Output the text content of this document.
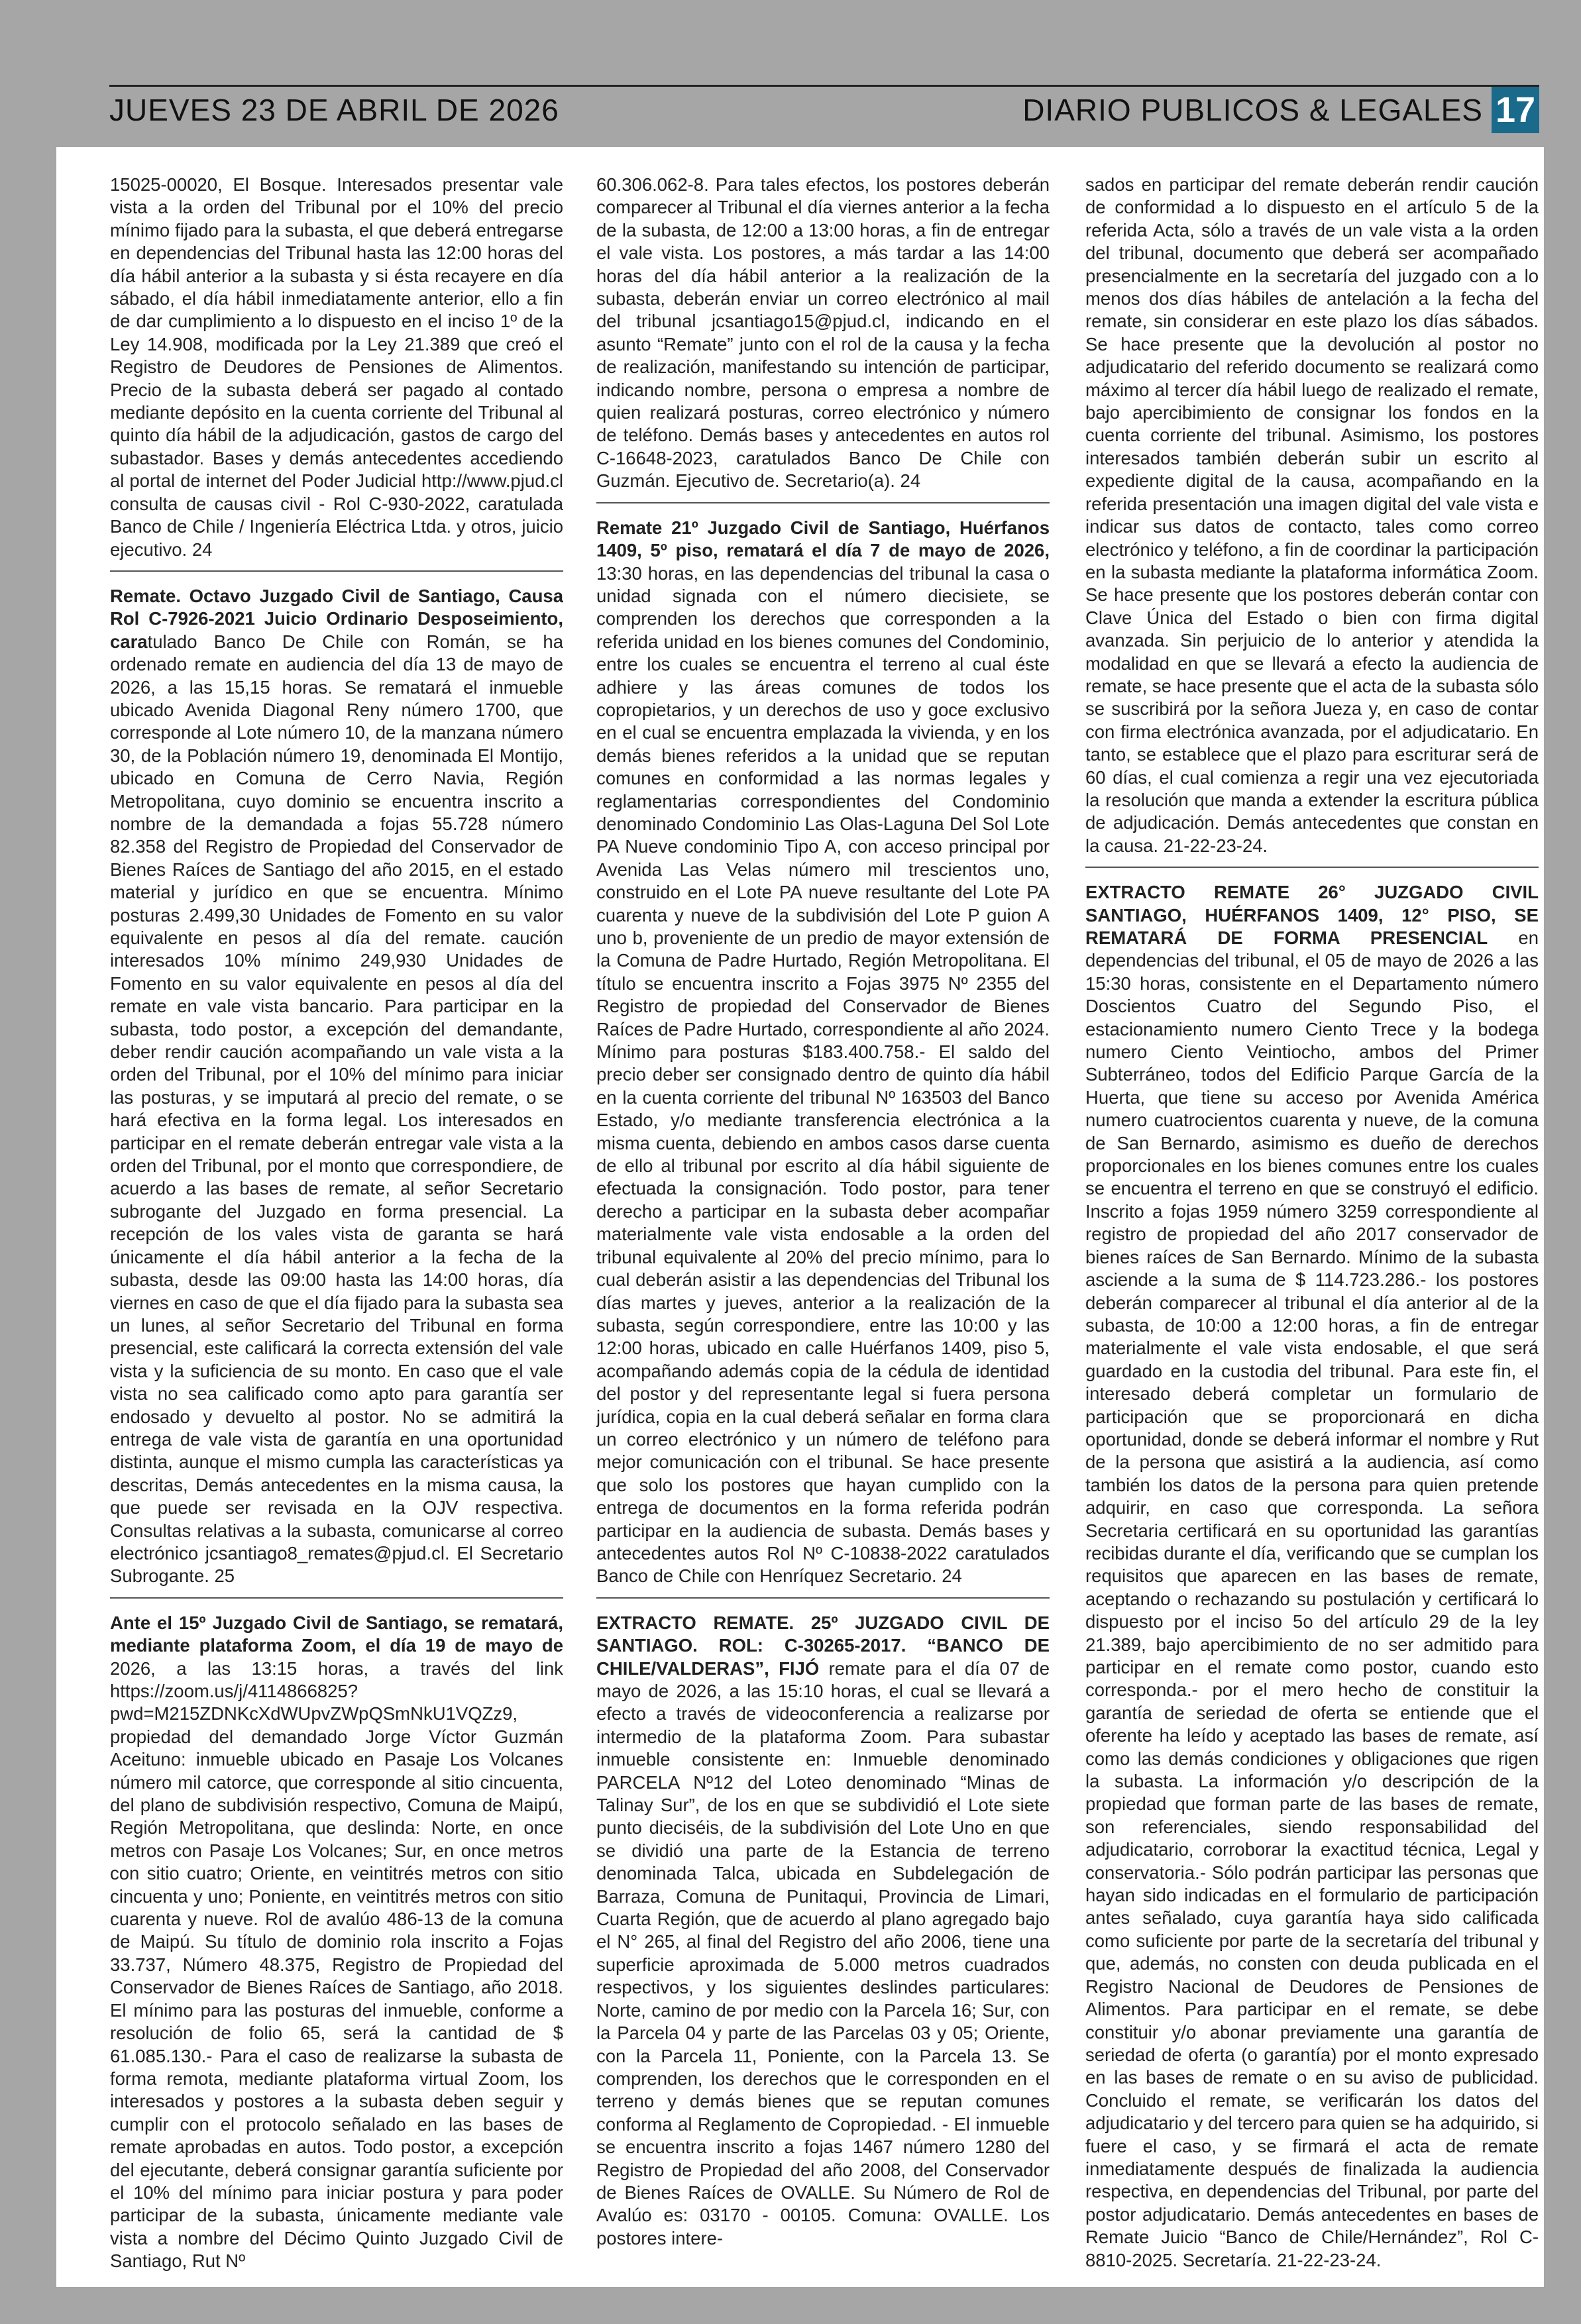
JUEVES 23 DE ABRIL DE 2026	DIARIO PUBLICOS & LEGALES 17

15025-00020, El Bosque. Interesados presentar vale vista a la orden del Tribunal por el 10% del precio mínimo fijado para la subasta, el que deberá entregarse en dependencias del Tribunal hasta las 12:00 horas del día hábil anterior a la subasta y si ésta recayere en día sábado, el día hábil inmediatamente anterior, ello a fin de dar cumplimiento a lo dispuesto en el inciso 1º de la Ley 14.908, modificada por la Ley 21.389 que creó el Registro de Deudores de Pensiones de Alimentos. Precio de la subasta deberá ser pagado al contado mediante depósito en la cuenta corriente del Tribunal al quinto día hábil de la adjudicación, gastos de cargo del subastador. Bases y demás antecedentes accediendo al portal de internet del Poder Judicial http://www.pjud.cl consulta de causas civil - Rol C-930-2022, caratulada Banco de Chile / Ingeniería Eléctrica Ltda. y otros, juicio ejecutivo. 24

Remate. Octavo Juzgado Civil de Santiago, Causa Rol C-7926-2021 Juicio Ordinario Desposeimiento, caratulado Banco De Chile con Román, se ha ordenado remate en audiencia del día 13 de mayo de 2026, a las 15,15 horas. Se rematará el inmueble ubicado Avenida Diagonal Reny número 1700, que corresponde al Lote número 10, de la manzana número 30, de la Población número 19, denominada El Montijo, ubicado en Comuna de Cerro Navia, Región Metropolitana, cuyo dominio se encuentra inscrito a nombre de la demandada a fojas 55.728 número 82.358 del Registro de Propiedad del Conservador de Bienes Raíces de Santiago del año 2015, en el estado material y jurídico en que se encuentra. Mínimo posturas 2.499,30 Unidades de Fomento en su valor equivalente en pesos al día del remate. caución interesados 10% mínimo 249,930 Unidades de Fomento en su valor equivalente en pesos al día del remate en vale vista bancario. Para participar en la subasta, todo postor, a excepción del demandante, deber rendir caución acompañando un vale vista a la orden del Tribunal, por el 10% del mínimo para iniciar las posturas, y se imputará al precio del remate, o se hará efectiva en la forma legal. Los interesados en participar en el remate deberán entregar vale vista a la orden del Tribunal, por el monto que correspondiere, de acuerdo a las bases de remate, al señor Secretario subrogante del Juzgado en forma presencial. La recepción de los vales vista de garanta se hará únicamente el día hábil anterior a la fecha de la subasta, desde las 09:00 hasta las 14:00 horas, día viernes en caso de que el día fijado para la subasta sea un lunes, al señor Secretario del Tribunal en forma presencial, este calificará la correcta extensión del vale vista y la suficiencia de su monto. En caso que el vale vista no sea calificado como apto para garantía ser endosado y devuelto al postor. No se admitirá la entrega de vale vista de garantía en una oportunidad distinta, aunque el mismo cumpla las características ya descritas, Demás antecedentes en la misma causa, la que puede ser revisada en la OJV respectiva. Consultas relativas a la subasta, comunicarse al correo electrónico jcsantiago8_remates@pjud.cl. El Secretario Subrogante. 25

Ante el 15º Juzgado Civil de Santiago, se rematará, mediante plataforma Zoom, el día 19 de mayo de 2026, a las 13:15 horas, a través del link https://zoom.us/j/4114866825?pwd=M215ZDNKcXdWUpvZWpQSmNkU1VQZz9, propiedad del demandado Jorge Víctor Guzmán Aceituno: inmueble ubicado en Pasaje Los Volcanes número mil catorce, que corresponde al sitio cincuenta, del plano de subdivisión respectivo, Comuna de Maipú, Región Metropolitana, que deslinda: Norte, en once metros con Pasaje Los Volcanes; Sur, en once metros con sitio cuatro; Oriente, en veintitrés metros con sitio cincuenta y uno; Poniente, en veintitrés metros con sitio cuarenta y nueve. Rol de avalúo 486-13 de la comuna de Maipú. Su título de dominio rola inscrito a Fojas 33.737, Número 48.375, Registro de Propiedad del Conservador de Bienes Raíces de Santiago, año 2018. El mínimo para las posturas del inmueble, conforme a resolución de folio 65, será la cantidad de $ 61.085.130.- Para el caso de realizarse la subasta de forma remota, mediante plataforma virtual Zoom, los interesados y postores a la subasta deben seguir y cumplir con el protocolo señalado en las bases de remate aprobadas en autos. Todo postor, a excepción del ejecutante, deberá consignar garantía suficiente por el 10% del mínimo para iniciar postura y para poder participar de la subasta, únicamente mediante vale vista a nombre del Décimo Quinto Juzgado Civil de Santiago, Rut Nº

60.306.062-8. Para tales efectos, los postores deberán comparecer al Tribunal el día viernes anterior a la fecha de la subasta, de 12:00 a 13:00 horas, a fin de entregar el vale vista. Los postores, a más tardar a las 14:00 horas del día hábil anterior a la realización de la subasta, deberán enviar un correo electrónico al mail del tribunal jcsantiago15@pjud.cl, indicando en el asunto “Remate” junto con el rol de la causa y la fecha de realización, manifestando su intención de participar, indicando nombre, persona o empresa a nombre de quien realizará posturas, correo electrónico y número de teléfono. Demás bases y antecedentes en autos rol C-16648-2023, caratulados Banco De Chile con Guzmán. Ejecutivo de. Secretario(a). 24

Remate 21º Juzgado Civil de Santiago, Huérfanos 1409, 5º piso, rematará el día 7 de mayo de 2026, 13:30 horas, en las dependencias del tribunal la casa o unidad signada con el número diecisiete, se comprenden los derechos que corresponden a la referida unidad en los bienes comunes del Condominio, entre los cuales se encuentra el terreno al cual éste adhiere y las áreas comunes de todos los copropietarios, y un derechos de uso y goce exclusivo en el cual se encuentra emplazada la vivienda, y en los demás bienes referidos a la unidad que se reputan comunes en conformidad a las normas legales y reglamentarias correspondientes del Condominio denominado Condominio Las Olas-Laguna Del Sol Lote PA Nueve condominio Tipo A, con acceso principal por Avenida Las Velas número mil trescientos uno, construido en el Lote PA nueve resultante del Lote PA cuarenta y nueve de la subdivisión del Lote P guion A uno b, proveniente de un predio de mayor extensión de la Comuna de Padre Hurtado, Región Metropolitana. El título se encuentra inscrito a Fojas 3975 Nº 2355 del Registro de propiedad del Conservador de Bienes Raíces de Padre Hurtado, correspondiente al año 2024. Mínimo para posturas $183.400.758.- El saldo del precio deber ser consignado dentro de quinto día hábil en la cuenta corriente del tribunal Nº 163503 del Banco Estado, y/o mediante transferencia electrónica a la misma cuenta, debiendo en ambos casos darse cuenta de ello al tribunal por escrito al día hábil siguiente de efectuada la consignación. Todo postor, para tener derecho a participar en la subasta deber acompañar materialmente vale vista endosable a la orden del tribunal equivalente al 20% del precio mínimo, para lo cual deberán asistir a las dependencias del Tribunal los días martes y jueves, anterior a la realización de la subasta, según correspondiere, entre las 10:00 y las 12:00 horas, ubicado en calle Huérfanos 1409, piso 5, acompañando además copia de la cédula de identidad del postor y del representante legal si fuera persona jurídica, copia en la cual deberá señalar en forma clara un correo electrónico y un número de teléfono para mejor comunicación con el tribunal. Se hace presente que solo los postores que hayan cumplido con la entrega de documentos en la forma referida podrán participar en la audiencia de subasta. Demás bases y antecedentes autos Rol Nº C-10838-2022 caratulados Banco de Chile con Henríquez Secretario. 24

EXTRACTO REMATE. 25º JUZGADO CIVIL DE SANTIAGO. ROL: C-30265-2017. “BANCO DE CHILE/VALDERAS”, FIJÓ remate para el día 07 de mayo de 2026, a las 15:10 horas, el cual se llevará a efecto a través de videoconferencia a realizarse por intermedio de la plataforma Zoom. Para subastar inmueble consistente en: Inmueble denominado PARCELA Nº12 del Loteo denominado “Minas de Talinay Sur”, de los en que se subdividió el Lote siete punto dieciséis, de la subdivisión del Lote Uno en que se dividió una parte de la Estancia de terreno denominada Talca, ubicada en Subdelegación de Barraza, Comuna de Punitaqui, Provincia de Limari, Cuarta Región, que de acuerdo al plano agregado bajo el N° 265, al final del Registro del año 2006, tiene una superficie aproximada de 5.000 metros cuadrados respectivos, y los siguientes deslindes particulares: Norte, camino de por medio con la Parcela 16; Sur, con la Parcela 04 y parte de las Parcelas 03 y 05; Oriente, con la Parcela 11, Poniente, con la Parcela 13. Se comprenden, los derechos que le corresponden en el terreno y demás bienes que se reputan comunes conforma al Reglamento de Copropiedad. - El inmueble se encuentra inscrito a fojas 1467 número 1280 del Registro de Propiedad del año 2008, del Conservador de Bienes Raíces de OVALLE. Su Número de Rol de Avalúo es: 03170 - 00105. Comuna: OVALLE. Los postores intere-

sados en participar del remate deberán rendir caución de conformidad a lo dispuesto en el artículo 5 de la referida Acta, sólo a través de un vale vista a la orden del tribunal, documento que deberá ser acompañado presencialmente en la secretaría del juzgado con a lo menos dos días hábiles de antelación a la fecha del remate, sin considerar en este plazo los días sábados. Se hace presente que la devolución al postor no adjudicatario del referido documento se realizará como máximo al tercer día hábil luego de realizado el remate, bajo apercibimiento de consignar los fondos en la cuenta corriente del tribunal. Asimismo, los postores interesados también deberán subir un escrito al expediente digital de la causa, acompañando en la referida presentación una imagen digital del vale vista e indicar sus datos de contacto, tales como correo electrónico y teléfono, a fin de coordinar la participación en la subasta mediante la plataforma informática Zoom. Se hace presente que los postores deberán contar con Clave Única del Estado o bien con firma digital avanzada. Sin perjuicio de lo anterior y atendida la modalidad en que se llevará a efecto la audiencia de remate, se hace presente que el acta de la subasta sólo se suscribirá por la señora Jueza y, en caso de contar con firma electrónica avanzada, por el adjudicatario. En tanto, se establece que el plazo para escriturar será de 60 días, el cual comienza a regir una vez ejecutoriada la resolución que manda a extender la escritura pública de adjudicación. Demás antecedentes que constan en la causa. 21-22-23-24.

EXTRACTO REMATE 26° JUZGADO CIVIL SANTIAGO, HUÉRFANOS 1409, 12° PISO, SE REMATARÁ DE FORMA PRESENCIAL en dependencias del tribunal, el 05 de mayo de 2026 a las 15:30 horas, consistente en el Departamento número Doscientos Cuatro del Segundo Piso, el estacionamiento numero Ciento Trece y la bodega numero Ciento Veintiocho, ambos del Primer Subterráneo, todos del Edificio Parque García de la Huerta, que tiene su acceso por Avenida América numero cuatrocientos cuarenta y nueve, de la comuna de San Bernardo, asimismo es dueño de derechos proporcionales en los bienes comunes entre los cuales se encuentra el terreno en que se construyó el edificio. Inscrito a fojas 1959 número 3259 correspondiente al registro de propiedad del año 2017 conservador de bienes raíces de San Bernardo. Mínimo de la subasta asciende a la suma de $ 114.723.286.- los postores deberán comparecer al tribunal el día anterior al de la subasta, de 10:00 a 12:00 horas, a fin de entregar materialmente el vale vista endosable, el que será guardado en la custodia del tribunal. Para este fin, el interesado deberá completar un formulario de participación que se proporcionará en dicha oportunidad, donde se deberá informar el nombre y Rut de la persona que asistirá a la audiencia, así como también los datos de la persona para quien pretende adquirir, en caso que corresponda. La señora Secretaria certificará en su oportunidad las garantías recibidas durante el día, verificando que se cumplan los requisitos que aparecen en las bases de remate, aceptando o rechazando su postulación y certificará lo dispuesto por el inciso 5o del artículo 29 de la ley 21.389, bajo apercibimiento de no ser admitido para participar en el remate como postor, cuando esto corresponda.- por el mero hecho de constituir la garantía de seriedad de oferta se entiende que el oferente ha leído y aceptado las bases de remate, así como las demás condiciones y obligaciones que rigen la subasta. La información y/o descripción de la propiedad que forman parte de las bases de remate, son referenciales, siendo responsabilidad del adjudicatario, corroborar la exactitud técnica, Legal y conservatoria.- Sólo podrán participar las personas que hayan sido indicadas en el formulario de participación antes señalado, cuya garantía haya sido calificada como suficiente por parte de la secretaría del tribunal y que, además, no consten con deuda publicada en el Registro Nacional de Deudores de Pensiones de Alimentos. Para participar en el remate, se debe constituir y/o abonar previamente una garantía de seriedad de oferta (o garantía) por el monto expresado en las bases de remate o en su aviso de publicidad. Concluido el remate, se verificarán los datos del adjudicatario y del tercero para quien se ha adquirido, si fuere el caso, y se firmará el acta de remate inmediatamente después de finalizada la audiencia respectiva, en dependencias del Tribunal, por parte del postor adjudicatario. Demás antecedentes en bases de Remate Juicio “Banco de Chile/Hernández”, Rol C- 8810-2025. Secretaría. 21-22-23-24.
